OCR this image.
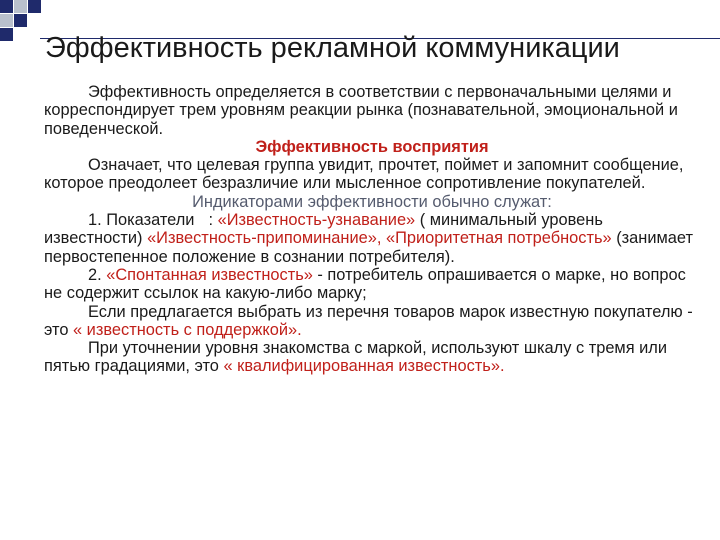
Эффективность рекламной коммуникации

Эффективность определяется в соответствии с первоначальными целями и корреспондирует трем уровням реакции рынка (познавательной, эмоциональной и поведенческой.

Эффективность восприятия

Означает, что целевая группа увидит, прочтет, поймет и запомнит сообщение, которое преодолеет безразличие или мысленное сопротивление покупателей.

Индикаторами эффективности обычно служат:

1. Показатели : «Известность-узнавание» ( минимальный уровень известности) «Известность-припоминание», «Приоритетная потребность» (занимает первостепенное положение в сознании потребителя).

2. «Спонтанная известность» - потребитель опрашивается о марке, но вопрос не содержит ссылок на какую-либо марку;

Если предлагается выбрать из перечня товаров марок известную покупателю - это « известность с поддержкой».

При уточнении уровня знакомства с маркой, используют шкалу с тремя или пятью градациями, это « квалифицированная известность».
